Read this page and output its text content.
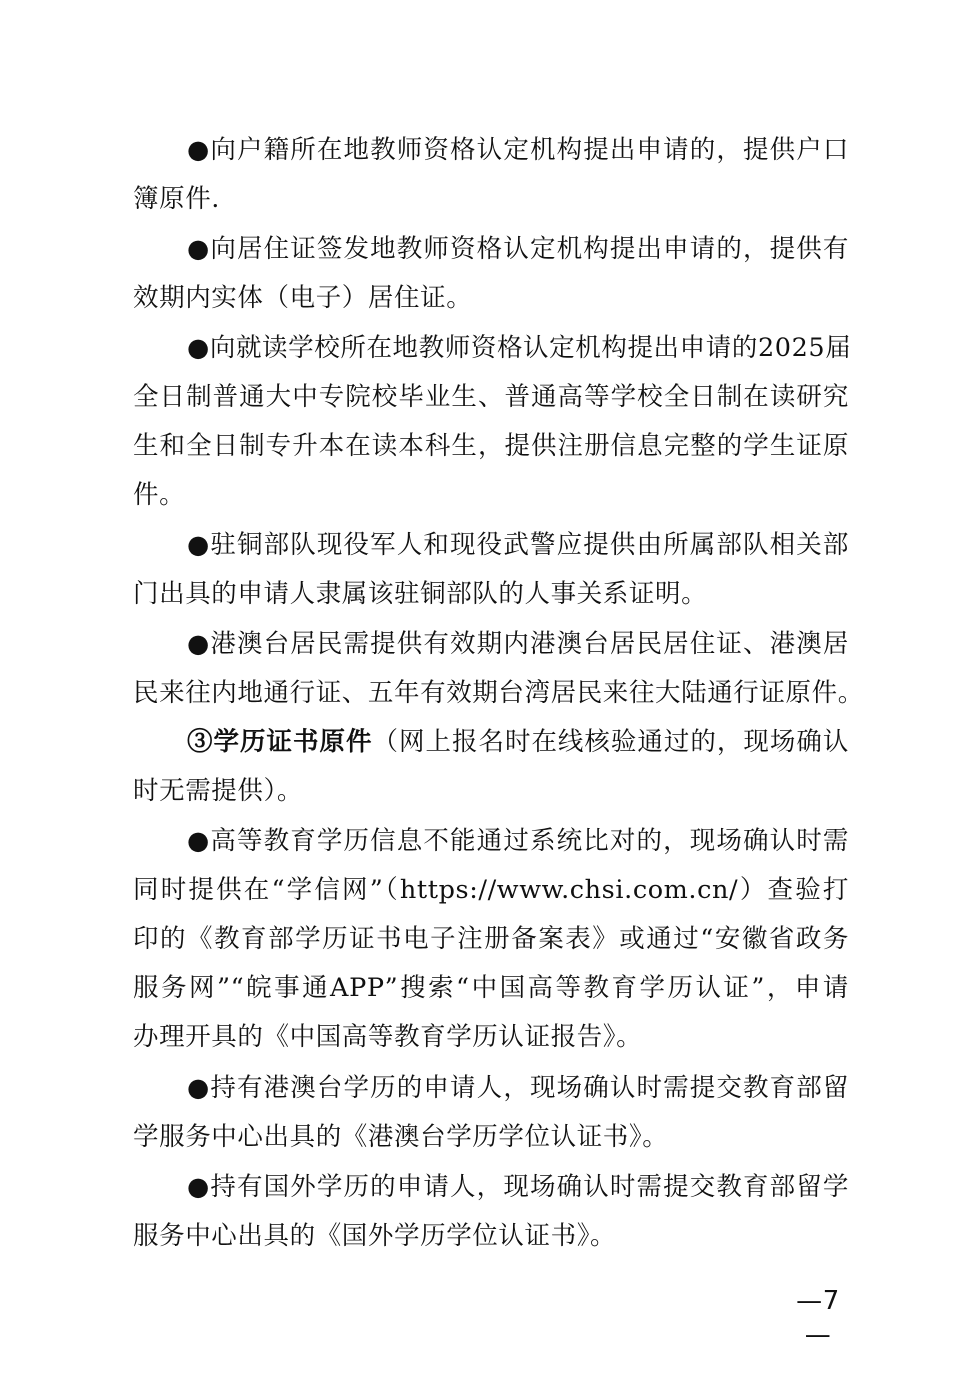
●向户籍所在地教师资格认定机构提出申请的，提供户口
簿原件.
●向居住证签发地教师资格认定机构提出申请的，提供有
效期内实体（电子）居住证。
●向就读学校所在地教师资格认定机构提出申请的2025届
全日制普通大中专院校毕业生、普通高等学校全日制在读研究
生和全日制专升本在读本科生，提供注册信息完整的学生证原
件。
●驻铜部队现役军人和现役武警应提供由所属部队相关部
门出具的申请人隶属该驻铜部队的人事关系证明。
●港澳台居民需提供有效期内港澳台居民居住证、港澳居
民来往内地通行证、五年有效期台湾居民来往大陆通行证原件。
③学历证书原件（网上报名时在线核验通过的，现场确认
时无需提供）。
●高等教育学历信息不能通过系统比对的，现场确认时需
同时提供在“学信网”（https://www.chsi.com.cn/）查验打
印的《教育部学历证书电子注册备案表》或通过“安徽省政务
服务网”“皖事通APP”搜索“中国高等教育学历认证”，申请
办理开具的《中国高等教育学历认证报告》。
●持有港澳台学历的申请人，现场确认时需提交教育部留
学服务中心出具的《港澳台学历学位认证书》。
●持有国外学历的申请人，现场确认时需提交教育部留学
服务中心出具的《国外学历学位认证书》。
—7—
